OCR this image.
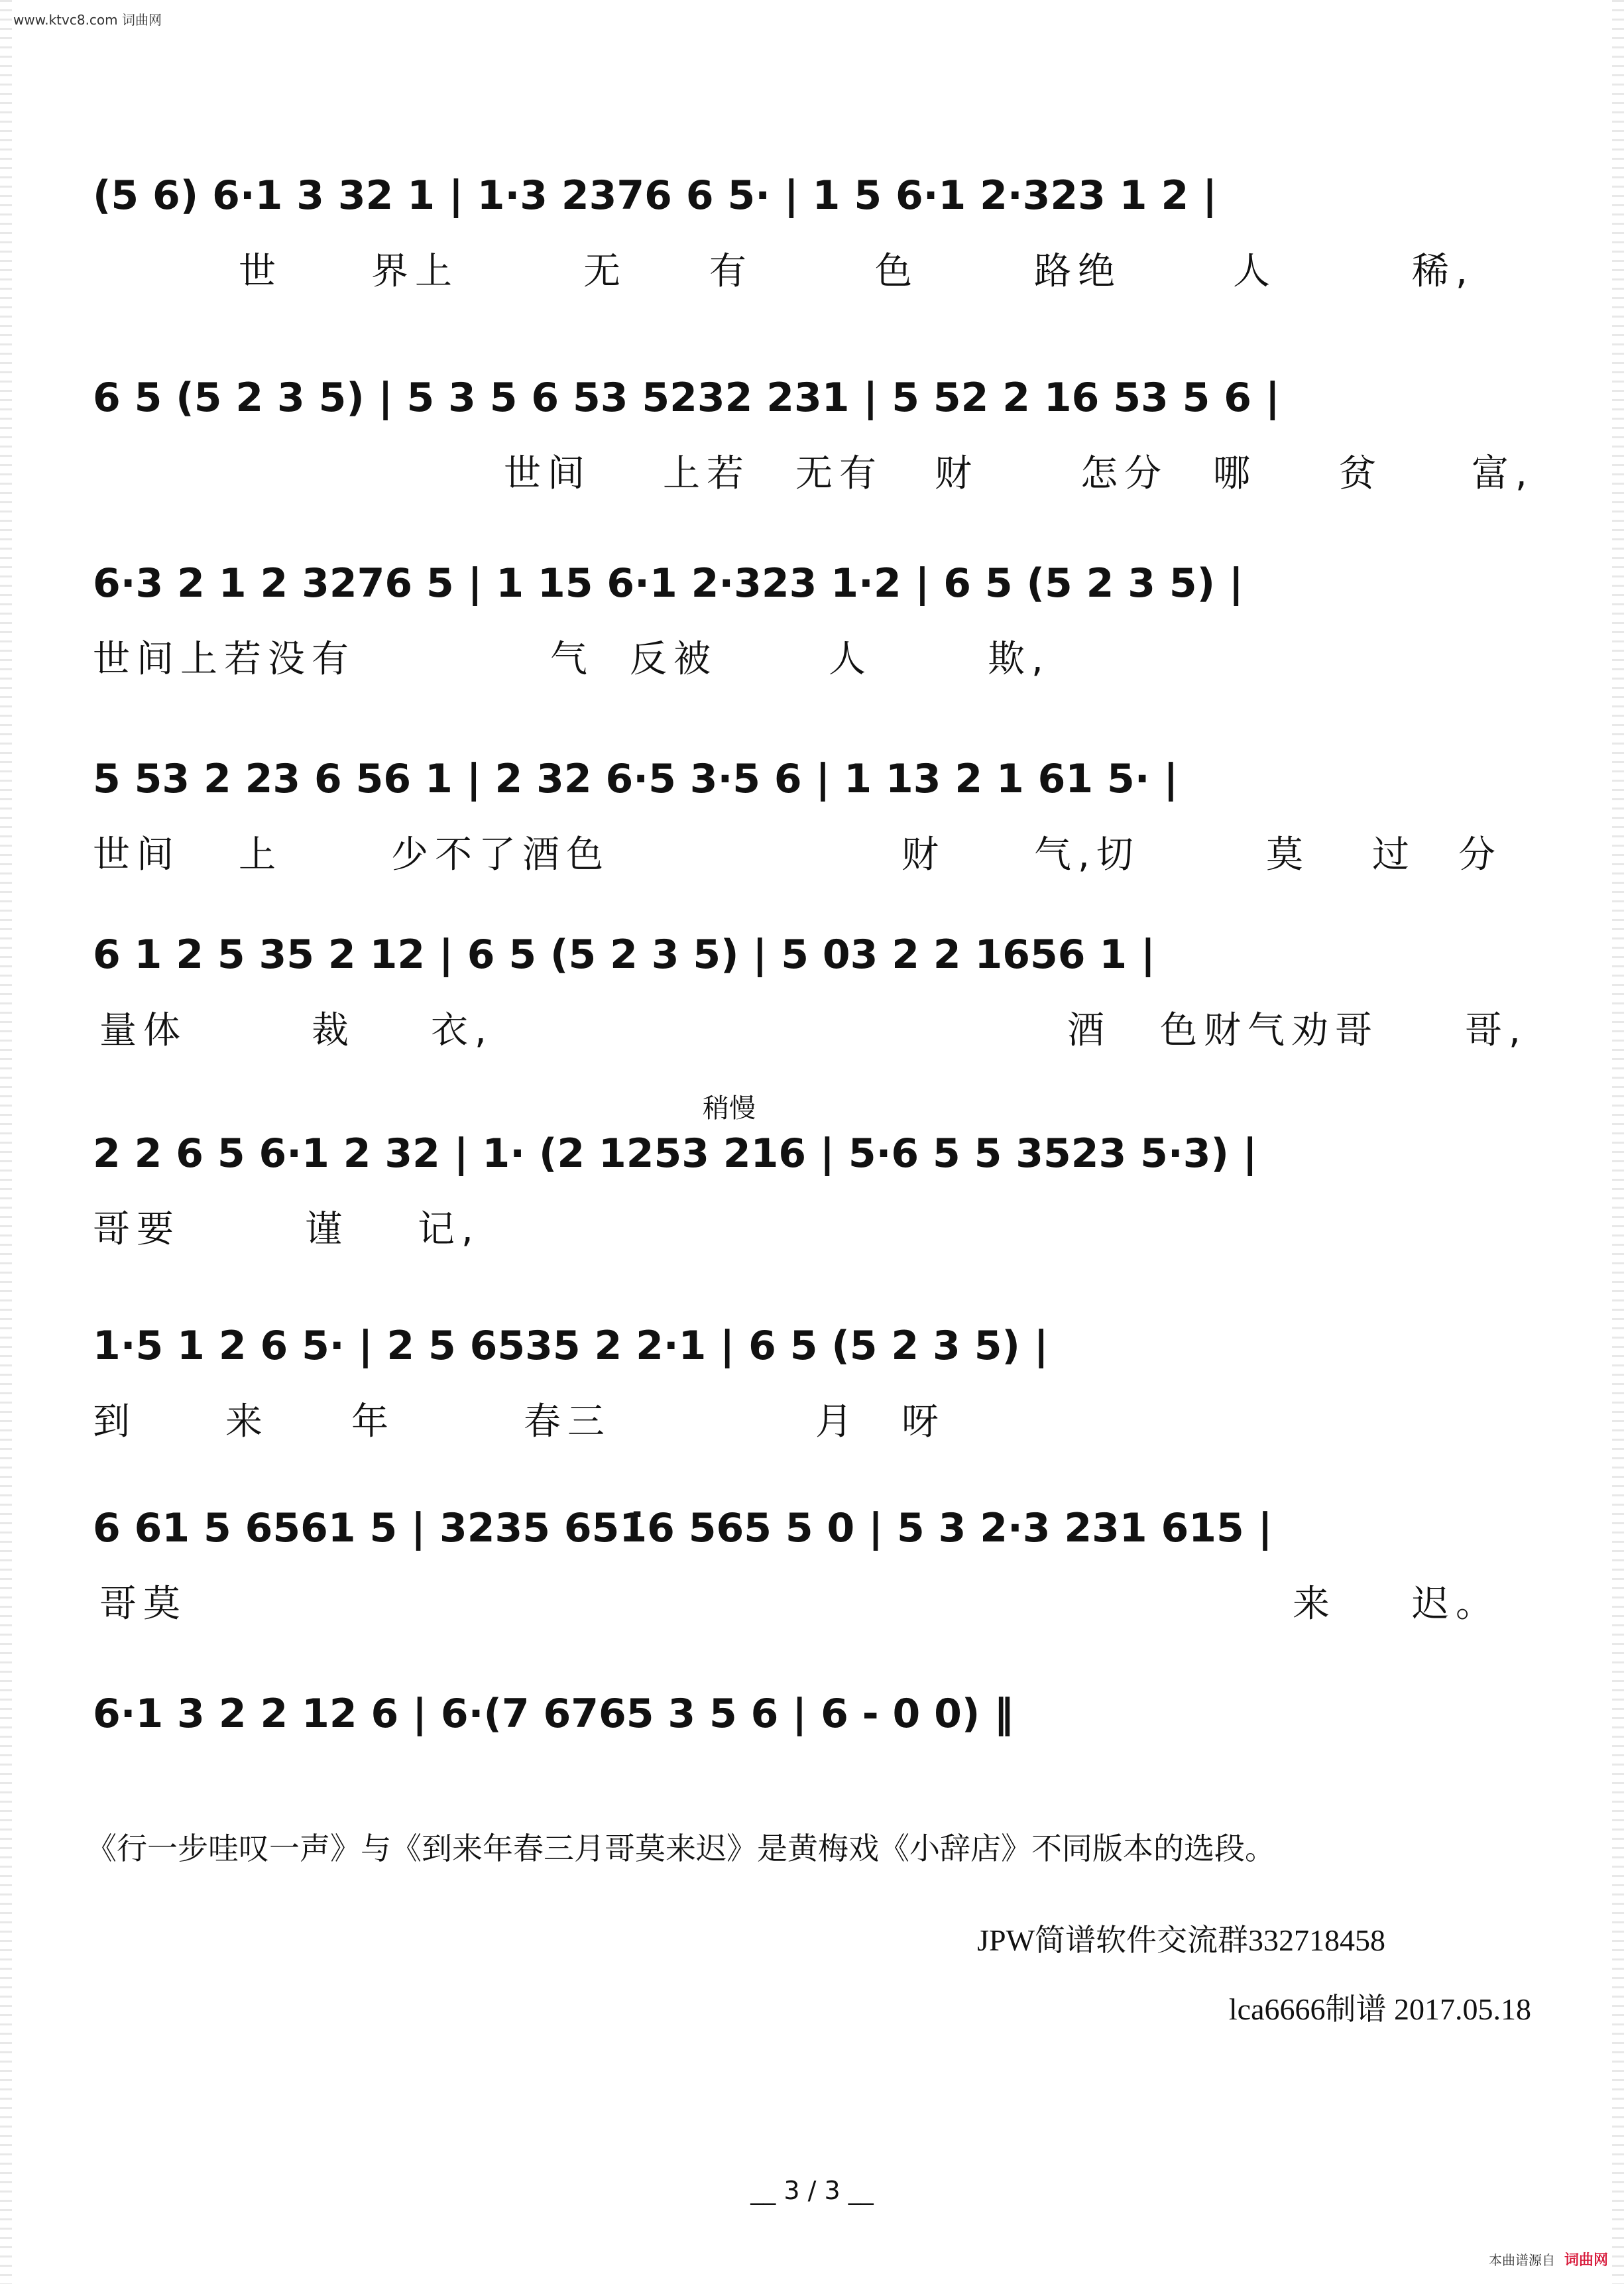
www.ktvc8.com 词曲网
(5 6) 6·1 3 32 1 | 1·3 2376 6 5· | 1 5 6·1 2·323 1 2 |
世 界上	无 有	色	路绝	人	稀,
6 5 (5 2 3 5) | 5 3 5 6 53 5232 231 | 5 52 2 16 53 5 6 |
世间 上若 无有 财	怎分 哪 贫 富,
6·3 2 1 2 3276 5 | 1 15 6·1 2·323 1·2 | 6 5 (5 2 3 5) |
世间上若没有	气 反被	人	欺,
5 53 2 23 6 56 1 | 2 32 6·5 3·5 6 | 1 13 2 1 61 5· |
世间 上	少不了酒色	财 气,切	莫 过 分
6 1 2 5 35 2 12 | 6 5 (5 2 3 5) | 5 03 2 2 1656 1 |
量体	裁 衣,	酒 色财气劝哥 哥,
稍慢
2 2 6 5 6·1 2 32 | 1· (2 1253 216 | 5·6 5 5 3523 5·3) |
哥要	谨 记,
1·5 1 2 6 5· | 2 5 6535 2 2·1 | 6 5 (5 2 3 5) |
到 来 年	春三	月 呀
6 61 5 6561 5 | 3235 651̇6 565 5 0 | 5 3 2·3 231 615 |
哥莫	来 迟。
6·1 3 2 2 12 6 | 6·(7 6765 3 5 6 | 6 - 0 0) ‖
《行一步哇叹一声》与《到来年春三月哥莫来迟》是黄梅戏《小辞店》不同版本的选段。
JPW简谱软件交流群332718458
lca6666制谱 2017.05.18
__ 3 / 3 __
本曲谱源自 词曲网
